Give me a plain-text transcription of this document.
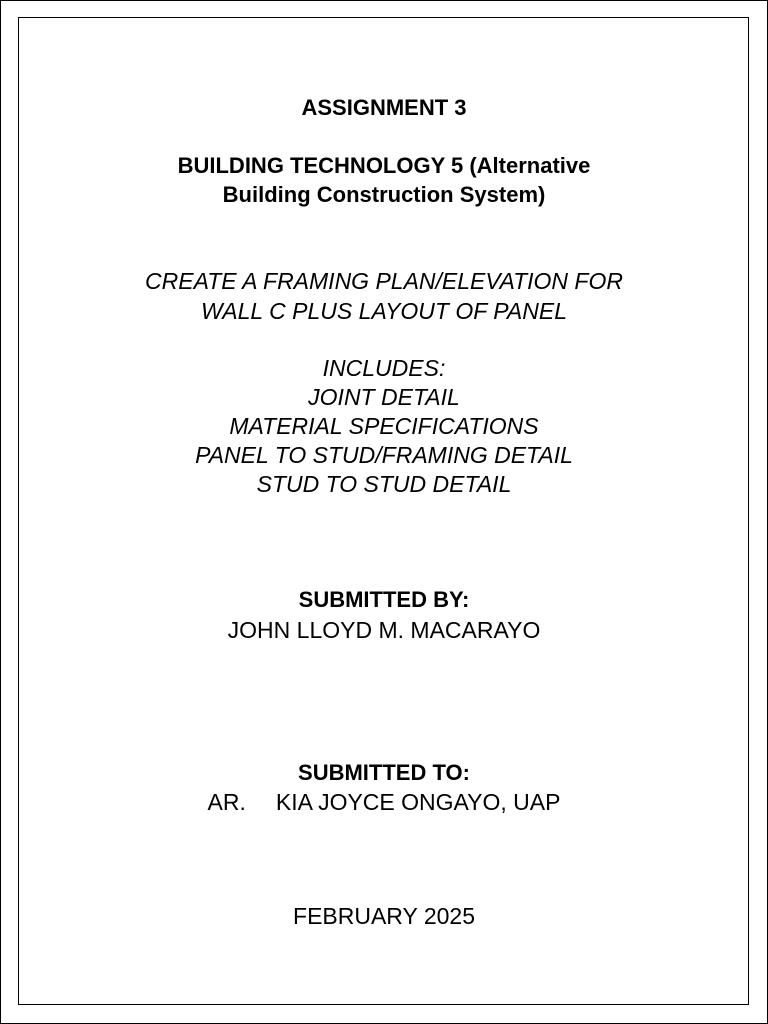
ASSIGNMENT 3
BUILDING TECHNOLOGY 5 (Alternative
Building Construction System)
CREATE A FRAMING PLAN/ELEVATION FOR
WALL C PLUS LAYOUT OF PANEL
INCLUDES:
JOINT DETAIL
MATERIAL SPECIFICATIONS
PANEL TO STUD/FRAMING DETAIL
STUD TO STUD DETAIL
SUBMITTED BY:
JOHN LLOYD M. MACARAYO
SUBMITTED TO:
AR. KIA JOYCE ONGAYO, UAP
FEBRUARY 2025
